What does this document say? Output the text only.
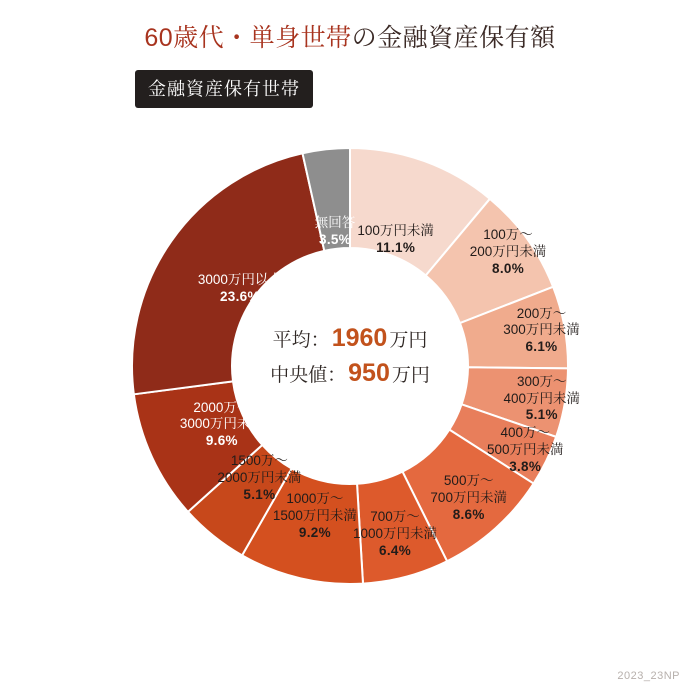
60歳代・単身世帯の金融資産保有額
金融資産保有世帯
平均：1960 万円
中央値：950 万円
100万円未満
11.1%
100万～
200万円未満
8.0%
200万～
300万円未満
6.1%
300万～
400万円未満
5.1%
400万～
500万円未満
3.8%
500万～
700万円未満
8.6%
700万～
1000万円未満
6.4%
1000万～
1500万円未満
9.2%
1500万～
2000万円未満
5.1%
2000万～
3000万円未満
9.6%
3000万円以上
23.6%
無回答
3.5%
2023_23NP
